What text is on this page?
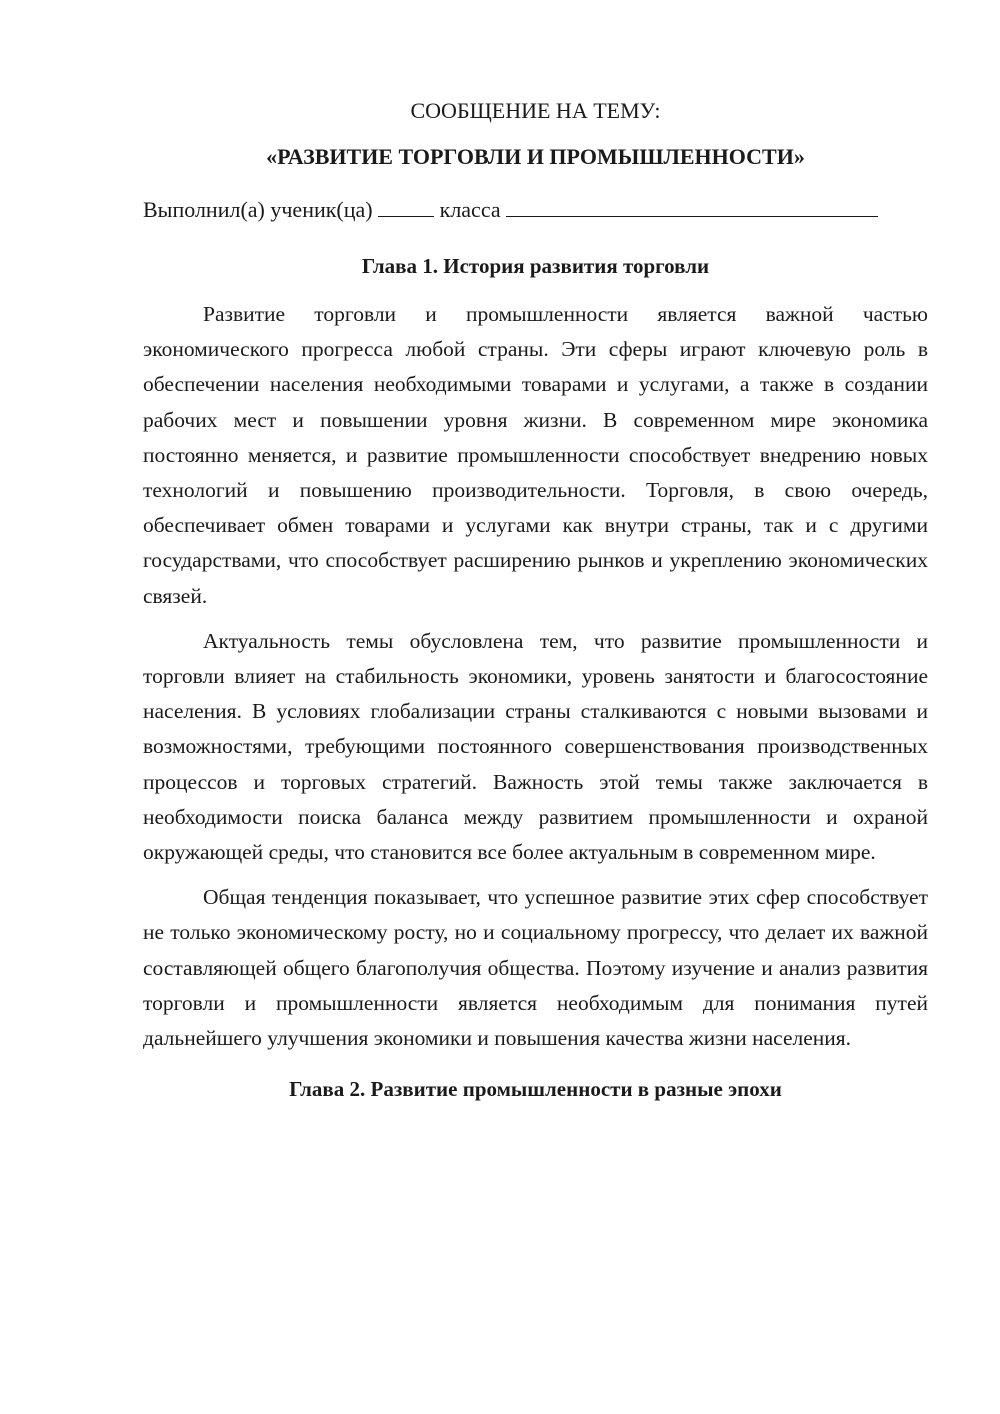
СООБЩЕНИЕ НА ТЕМУ:

«РАЗВИТИЕ ТОРГОВЛИ И ПРОМЫШЛЕННОСТИ»

Выполнил(а) ученик(ца)	класса
Глава 1. История развития торговли

Развитие торговли и промышленности является важной частью экономического прогресса любой страны. Эти сферы играют ключевую роль в обеспечении населения необходимыми товарами и услугами, а также в создании рабочих мест и повышении уровня жизни. В современном мире экономика постоянно меняется, и развитие промышленности способствует внедрению новых технологий и повышению производительности. Торговля, в свою очередь, обеспечивает обмен товарами и услугами как внутри страны, так и с другими государствами, что способствует расширению рынков и укреплению экономических связей.

Актуальность темы обусловлена тем, что развитие промышленности и торговли влияет на стабильность экономики, уровень занятости и благосостояние населения. В условиях глобализации страны сталкиваются с новыми вызовами и возможностями, требующими постоянного совершенствования производственных процессов и торговых стратегий. Важность этой темы также заключается в необходимости поиска баланса между развитием промышленности и охраной окружающей среды, что становится все более актуальным в современном мире.

Общая тенденция показывает, что успешное развитие этих сфер способствует не только экономическому росту, но и социальному прогрессу, что делает их важной составляющей общего благополучия общества. Поэтому изучение и анализ развития торговли и промышленности является необходимым для понимания путей дальнейшего улучшения экономики и повышения качества жизни населения.

Глава 2. Развитие промышленности в разные эпохи
